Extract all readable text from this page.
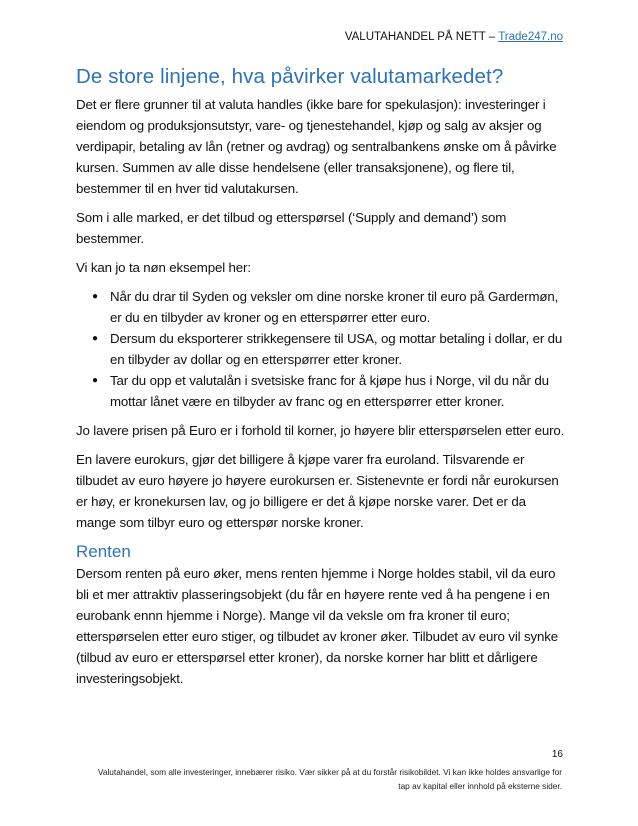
VALUTAHANDEL PÅ NETT – Trade247.no
De store linjene, hva påvirker valutamarkedet?

Det er flere grunner til at valuta handles (ikke bare for spekulasjon): investeringer i eiendom og produksjonsutstyr, vare- og tjenestehandel, kjøp og salg av aksjer og verdipapir, betaling av lån (retner og avdrag) og sentralbankens ønske om å påvirke kursen. Summen av alle disse hendelsene (eller transaksjonene), og flere til, bestemmer til en hver tid valutakursen.

Som i alle marked, er det tilbud og etterspørsel (‘Supply and demand’) som bestemmer.

Vi kan jo ta nøn eksempel her:

● Når du drar til Syden og veksler om dine norske kroner til euro på Gardermøn, er du en tilbyder av kroner og en etterspørrer etter euro.
● Dersum du eksporterer strikkegensere til USA, og mottar betaling i dollar, er du en tilbyder av dollar og en etterspørrer etter kroner.
● Tar du opp et valutalån i svetsiske franc for å kjøpe hus i Norge, vil du når du mottar lånet være en tilbyder av franc og en etterspørrer etter kroner.

Jo lavere prisen på Euro er i forhold til korner, jo høyere blir etterspørselen etter euro.

En lavere eurokurs, gjør det billigere å kjøpe varer fra euroland. Tilsvarende er tilbudet av euro høyere jo høyere eurokursen er. Sistenevnte er fordi når eurokursen er høy, er kronekursen lav, og jo billigere er det å kjøpe norske varer. Det er da mange som tilbyr euro og etterspør norske kroner.

Renten

Dersom renten på euro øker, mens renten hjemme i Norge holdes stabil, vil da euro bli et mer attraktiv plasseringsobjekt (du får en høyere rente ved å ha pengene i en eurobank ennn hjemme i Norge). Mange vil da veksle om fra kroner til euro; etterspørselen etter euro stiger, og tilbudet av kroner øker. Tilbudet av euro vil synke (tilbud av euro er etterspørsel etter kroner), da norske korner har blitt et dårligere investeringsobjekt.

16
Valutahandel, som alle investeringer, innebærer risiko. Vær sikker på at du forstår risikobildet. Vi kan ikke holdes ansvarlige for
tap av kapital eller innhold på eksterne sider.
